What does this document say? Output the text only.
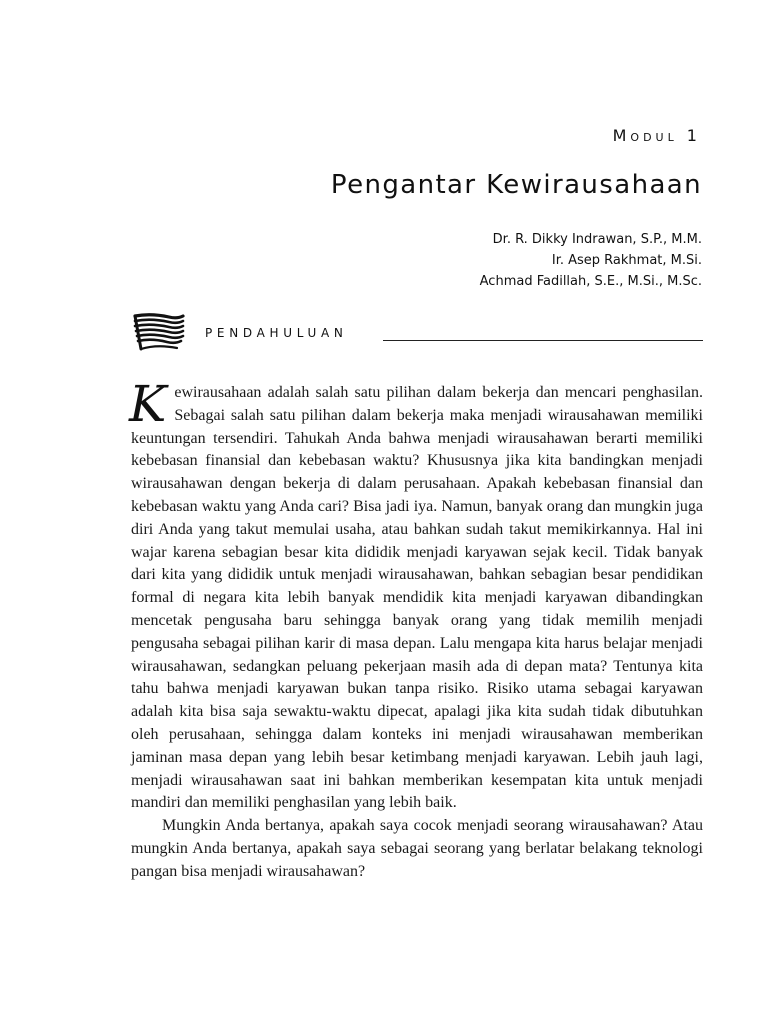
Modul 1
Pengantar Kewirausahaan
Dr. R. Dikky Indrawan, S.P., M.M.
Ir. Asep Rakhmat, M.Si.
Achmad Fadillah, S.E., M.Si., M.Sc.
PENDAHULUAN

Kewirausahaan adalah salah satu pilihan dalam bekerja dan mencari penghasilan. Sebagai salah satu pilihan dalam bekerja maka menjadi wirausahawan memiliki keuntungan tersendiri. Tahukah Anda bahwa menjadi wirausahawan berarti memiliki kebebasan finansial dan kebebasan waktu? Khususnya jika kita bandingkan menjadi wirausahawan dengan bekerja di dalam perusahaan. Apakah kebebasan finansial dan kebebasan waktu yang Anda cari? Bisa jadi iya. Namun, banyak orang dan mungkin juga diri Anda yang takut memulai usaha, atau bahkan sudah takut memikirkannya. Hal ini wajar karena sebagian besar kita dididik menjadi karyawan sejak kecil. Tidak banyak dari kita yang dididik untuk menjadi wirausahawan, bahkan sebagian besar pendidikan formal di negara kita lebih banyak mendidik kita menjadi karyawan dibandingkan mencetak pengusaha baru sehingga banyak orang yang tidak memilih menjadi pengusaha sebagai pilihan karir di masa depan. Lalu mengapa kita harus belajar menjadi wirausahawan, sedangkan peluang pekerjaan masih ada di depan mata? Tentunya kita tahu bahwa menjadi karyawan bukan tanpa risiko. Risiko utama sebagai karyawan adalah kita bisa saja sewaktu-waktu dipecat, apalagi jika kita sudah tidak dibutuhkan oleh perusahaan, sehingga dalam konteks ini menjadi wirausahawan memberikan jaminan masa depan yang lebih besar ketimbang menjadi karyawan. Lebih jauh lagi, menjadi wirausahawan saat ini bahkan memberikan kesempatan kita untuk menjadi mandiri dan memiliki penghasilan yang lebih baik.

Mungkin Anda bertanya, apakah saya cocok menjadi seorang wirausahawan? Atau mungkin Anda bertanya, apakah saya sebagai seorang yang berlatar belakang teknologi pangan bisa menjadi wirausahawan?
